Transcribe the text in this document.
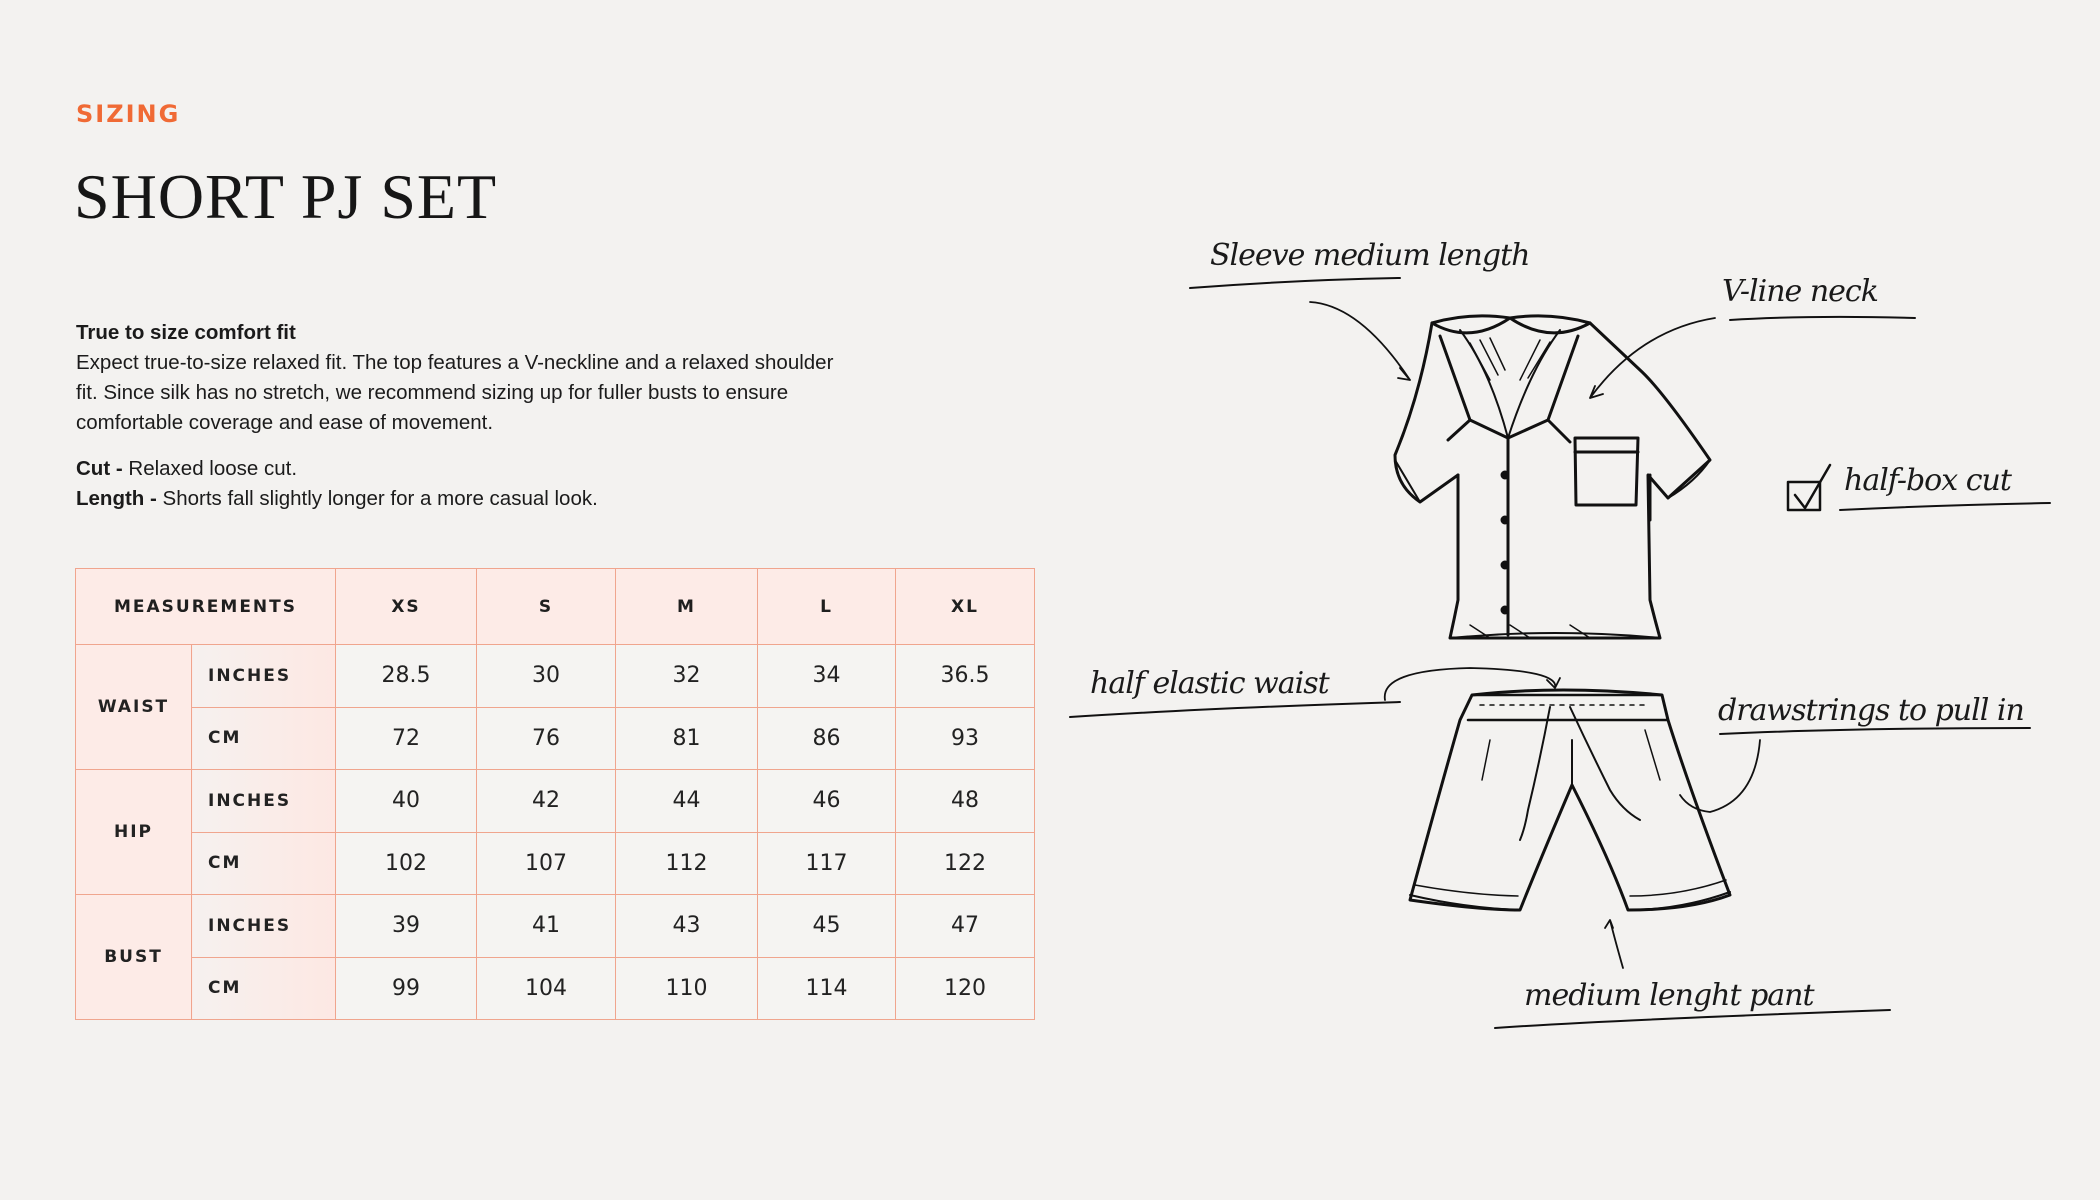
SIZING
SHORT PJ SET

True to size comfort fit

Expect true-to-size relaxed fit. The top features a V-neckline and a relaxed shoulder

fit. Since silk has no stretch, we recommend sizing up for fuller busts to ensure

comfortable coverage and ease of movement.

Cut - Relaxed loose cut.

Length - Shorts fall slightly longer for a more casual look.

MEASUREMENTS		XS	S	M	L	XL
WAIST	INCHES	28.5	30	32	34	36.5
	CM	72	76	81	86	93
HIP	INCHES	40	42	44	46	48
	CM	102	107	112	117	122
BUST	INCHES	39	41	43	45	47
	CM	99	104	110	114	120
Sleeve medium length
V-line neck
half-box cut
half elastic waist
drawstrings to pull in
medium lenght pant
